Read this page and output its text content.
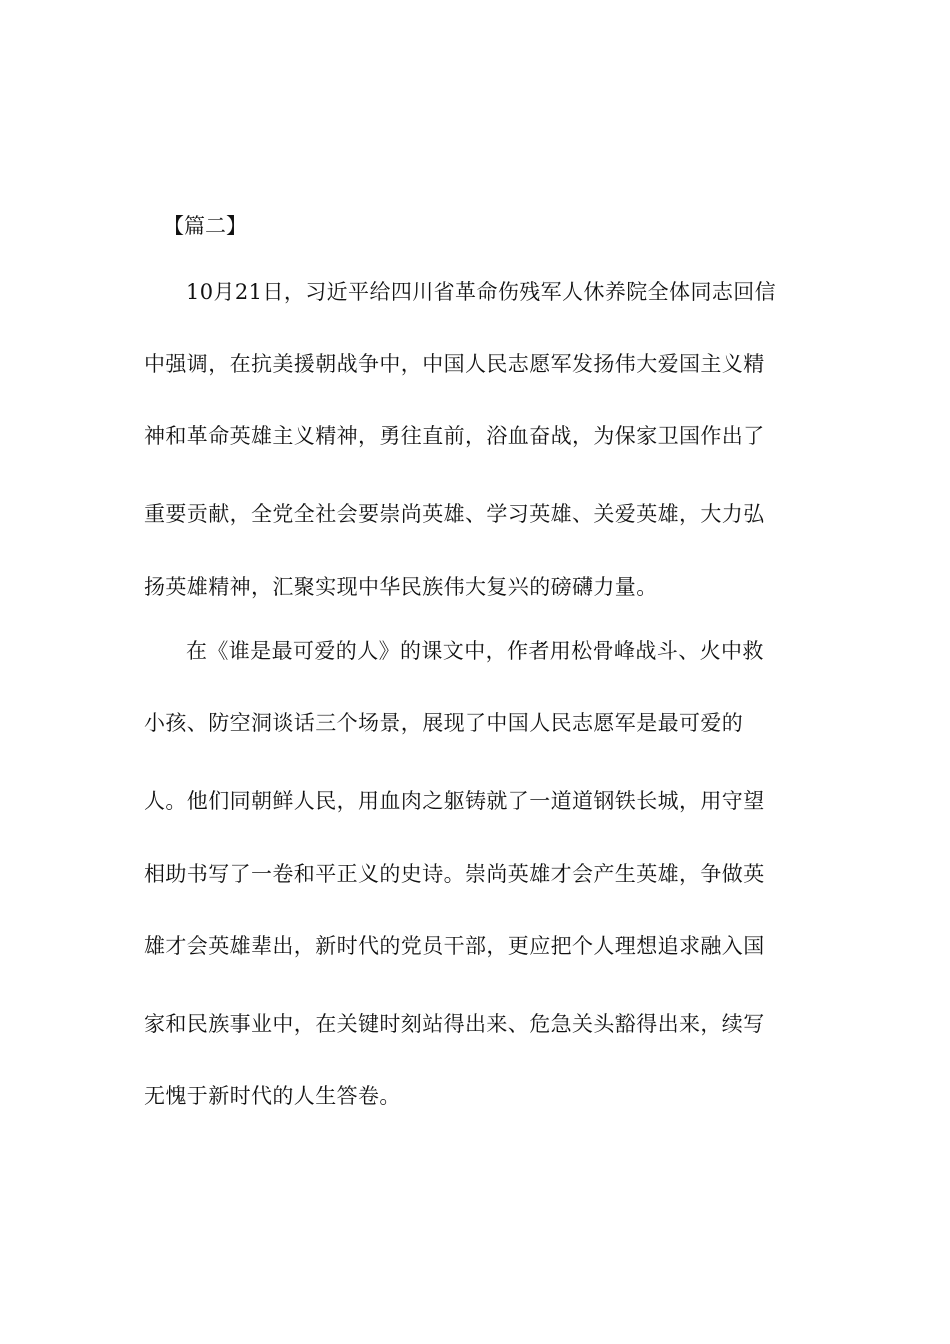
【篇二】
10月21日，习近平给四川省革命伤残军人休养院全体同志回信
中强调，在抗美援朝战争中，中国人民志愿军发扬伟大爱国主义精
神和革命英雄主义精神，勇往直前，浴血奋战，为保家卫国作出了
重要贡献，全党全社会要崇尚英雄、学习英雄、关爱英雄，大力弘
扬英雄精神，汇聚实现中华民族伟大复兴的磅礴力量。
在《谁是最可爱的人》的课文中，作者用松骨峰战斗、火中救
小孩、防空洞谈话三个场景，展现了中国人民志愿军是最可爱的
人。他们同朝鲜人民，用血肉之躯铸就了一道道钢铁长城，用守望
相助书写了一卷和平正义的史诗。崇尚英雄才会产生英雄，争做英
雄才会英雄辈出，新时代的党员干部，更应把个人理想追求融入国
家和民族事业中，在关键时刻站得出来、危急关头豁得出来，续写
无愧于新时代的人生答卷。
